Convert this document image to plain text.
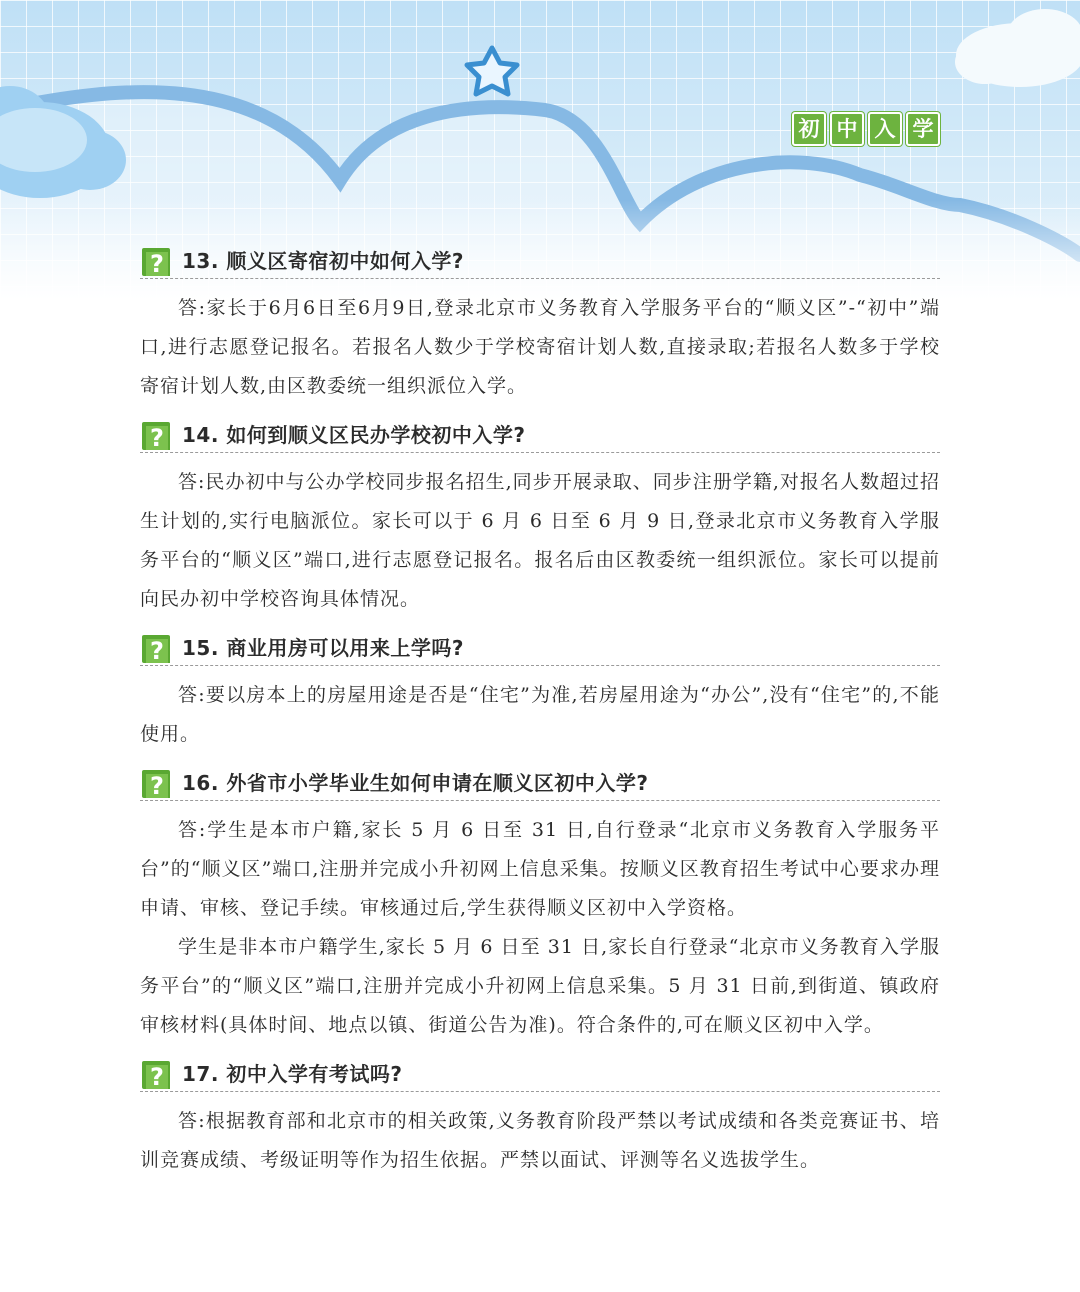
初 中 入 学
? 13. 顺义区寄宿初中如何入学?

答:家长于6月6日至6月9日,登录北京市义务教育入学服务平台的“顺义区”-“初中”端口,进行志愿登记报名。若报名人数少于学校寄宿计划人数,直接录取;若报名人数多于学校寄宿计划人数,由区教委统一组织派位入学。

? 14. 如何到顺义区民办学校初中入学?

答:民办初中与公办学校同步报名招生,同步开展录取、同步注册学籍,对报名人数超过招生计划的,实行电脑派位。家长可以于 6 月 6 日至 6 月 9 日,登录北京市义务教育入学服务平台的“顺义区”端口,进行志愿登记报名。报名后由区教委统一组织派位。家长可以提前向民办初中学校咨询具体情况。

? 15. 商业用房可以用来上学吗?

答:要以房本上的房屋用途是否是“住宅”为准,若房屋用途为“办公”,没有“住宅”的,不能使用。

? 16. 外省市小学毕业生如何申请在顺义区初中入学?

答:学生是本市户籍,家长 5 月 6 日至 31 日,自行登录“北京市义务教育入学服务平台”的“顺义区”端口,注册并完成小升初网上信息采集。按顺义区教育招生考试中心要求办理申请、审核、登记手续。审核通过后,学生获得顺义区初中入学资格。

学生是非本市户籍学生,家长 5 月 6 日至 31 日,家长自行登录“北京市义务教育入学服务平台”的“顺义区”端口,注册并完成小升初网上信息采集。5 月 31 日前,到街道、镇政府审核材料(具体时间、地点以镇、街道公告为准)。符合条件的,可在顺义区初中入学。

? 17. 初中入学有考试吗?

答:根据教育部和北京市的相关政策,义务教育阶段严禁以考试成绩和各类竞赛证书、培训竞赛成绩、考级证明等作为招生依据。严禁以面试、评测等名义选拔学生。
